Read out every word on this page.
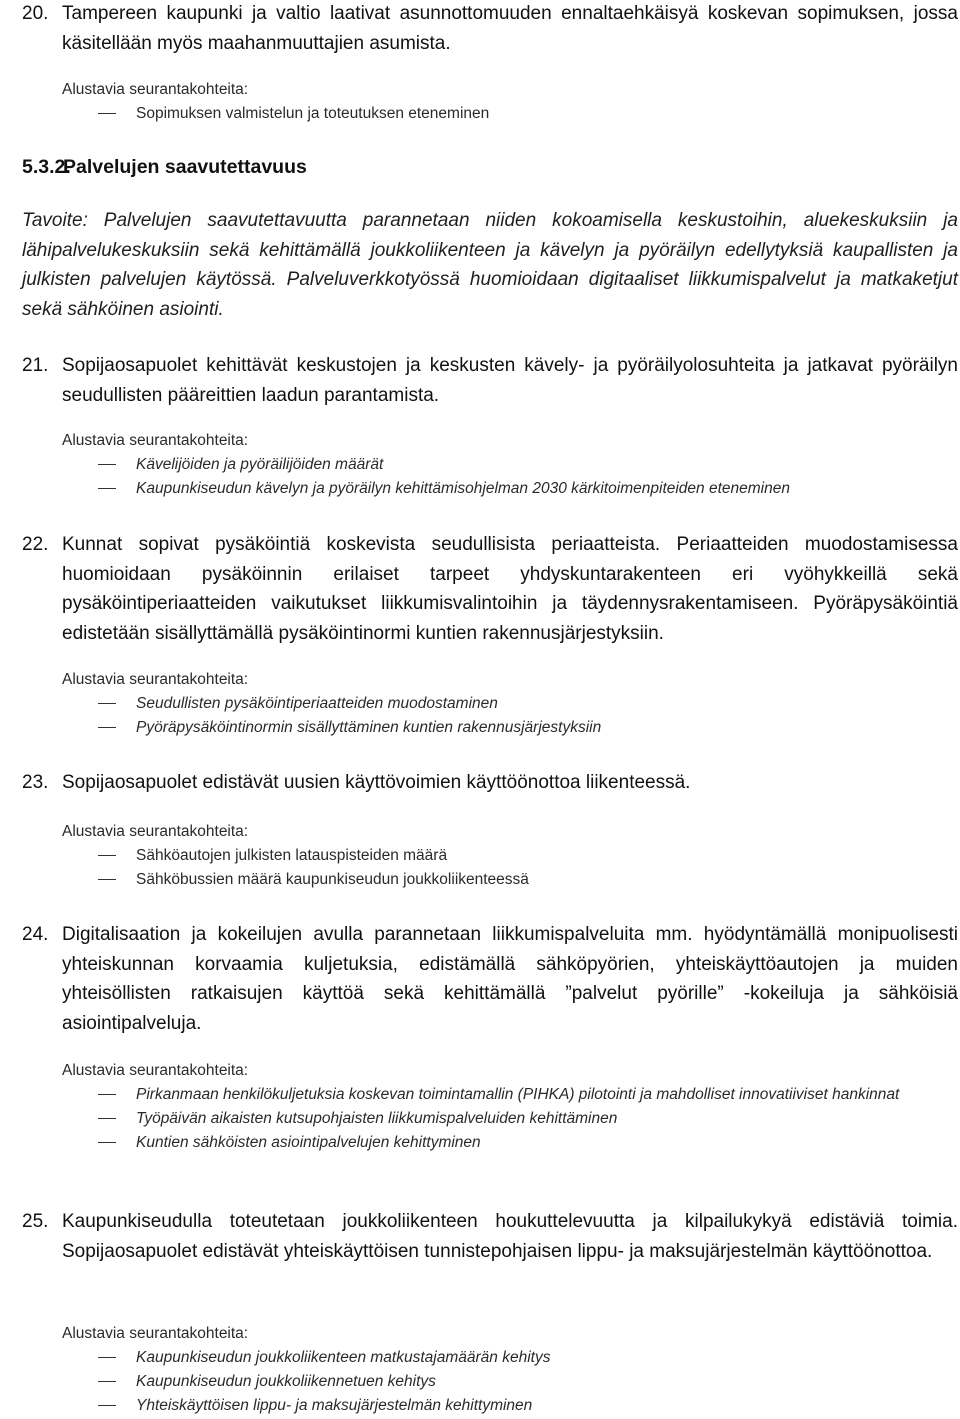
20. Tampereen kaupunki ja valtio laativat asunnottomuuden ennaltaehkäisyä koskevan sopimuksen, jossa käsitellään myös maahanmuuttajien asumista.
Alustavia seurantakohteita:
Sopimuksen valmistelun ja toteutuksen eteneminen
5.3.2.
Palvelujen saavutettavuus
Tavoite: Palvelujen saavutettavuutta parannetaan niiden kokoamisella keskustoihin, aluekeskuksiin ja lähipalvelukeskuksiin sekä kehittämällä joukkoliikenteen ja kävelyn ja pyöräilyn edellytyksiä kaupallisten ja julkisten palvelujen käytössä. Palveluverkkotyössä huomioidaan digitaaliset liikkumispalvelut ja matkaketjut sekä sähköinen asiointi.
21. Sopijaosapuolet kehittävät keskustojen ja keskusten kävely- ja pyöräilyolosuhteita ja jatkavat pyöräilyn seudullisten pääreittien laadun parantamista.
Alustavia seurantakohteita:
Kävelijöiden ja pyöräilijöiden määrät
Kaupunkiseudun kävelyn ja pyöräilyn kehittämisohjelman 2030 kärkitoimenpiteiden eteneminen
22. Kunnat sopivat pysäköintiä koskevista seudullisista periaatteista. Periaatteiden muodostamisessa huomioidaan pysäköinnin erilaiset tarpeet yhdyskuntarakenteen eri vyöhykkeillä sekä pysäköintiperiaatteiden vaikutukset liikkumisvalintoihin ja täydennysrakentamiseen. Pyöräpysäköintiä edistetään sisällyttämällä pysäköintinormi kuntien rakennusjärjestyksiin.
Alustavia seurantakohteita:
Seudullisten pysäköintiperiaatteiden muodostaminen
Pyöräpysäköintinormin sisällyttäminen kuntien rakennusjärjestyksiin
23. Sopijaosapuolet edistävät uusien käyttövoimien käyttöönottoa liikenteessä.
Alustavia seurantakohteita:
Sähköautojen julkisten latauspisteiden määrä
Sähköbussien määrä kaupunkiseudun joukkoliikenteessä
24. Digitalisaation ja kokeilujen avulla parannetaan liikkumispalveluita mm. hyödyntämällä monipuolisesti yhteiskunnan korvaamia kuljetuksia, edistämällä sähköpyörien, yhteiskäyttöautojen ja muiden yhteisöllisten ratkaisujen käyttöä sekä kehittämällä ”palvelut pyörille” -kokeiluja ja sähköisiä asiointipalveluja.
Alustavia seurantakohteita:
Pirkanmaan henkilökuljetuksia koskevan toimintamallin (PIHKA) pilotointi ja mahdolliset innovatiiviset hankinnat
Työpäivän aikaisten kutsupohjaisten liikkumispalveluiden kehittäminen
Kuntien sähköisten asiointipalvelujen kehittyminen
25. Kaupunkiseudulla toteutetaan joukkoliikenteen houkuttelevuutta ja kilpailukykyä edistäviä toimia. Sopijaosapuolet edistävät yhteiskäyttöisen tunnistepohjaisen lippu- ja maksujärjestelmän käyttöönottoa.
Alustavia seurantakohteita:
Kaupunkiseudun joukkoliikenteen matkustajamäärän kehitys
Kaupunkiseudun joukkoliikennetuen kehitys
Yhteiskäyttöisen lippu- ja maksujärjestelmän kehittyminen
